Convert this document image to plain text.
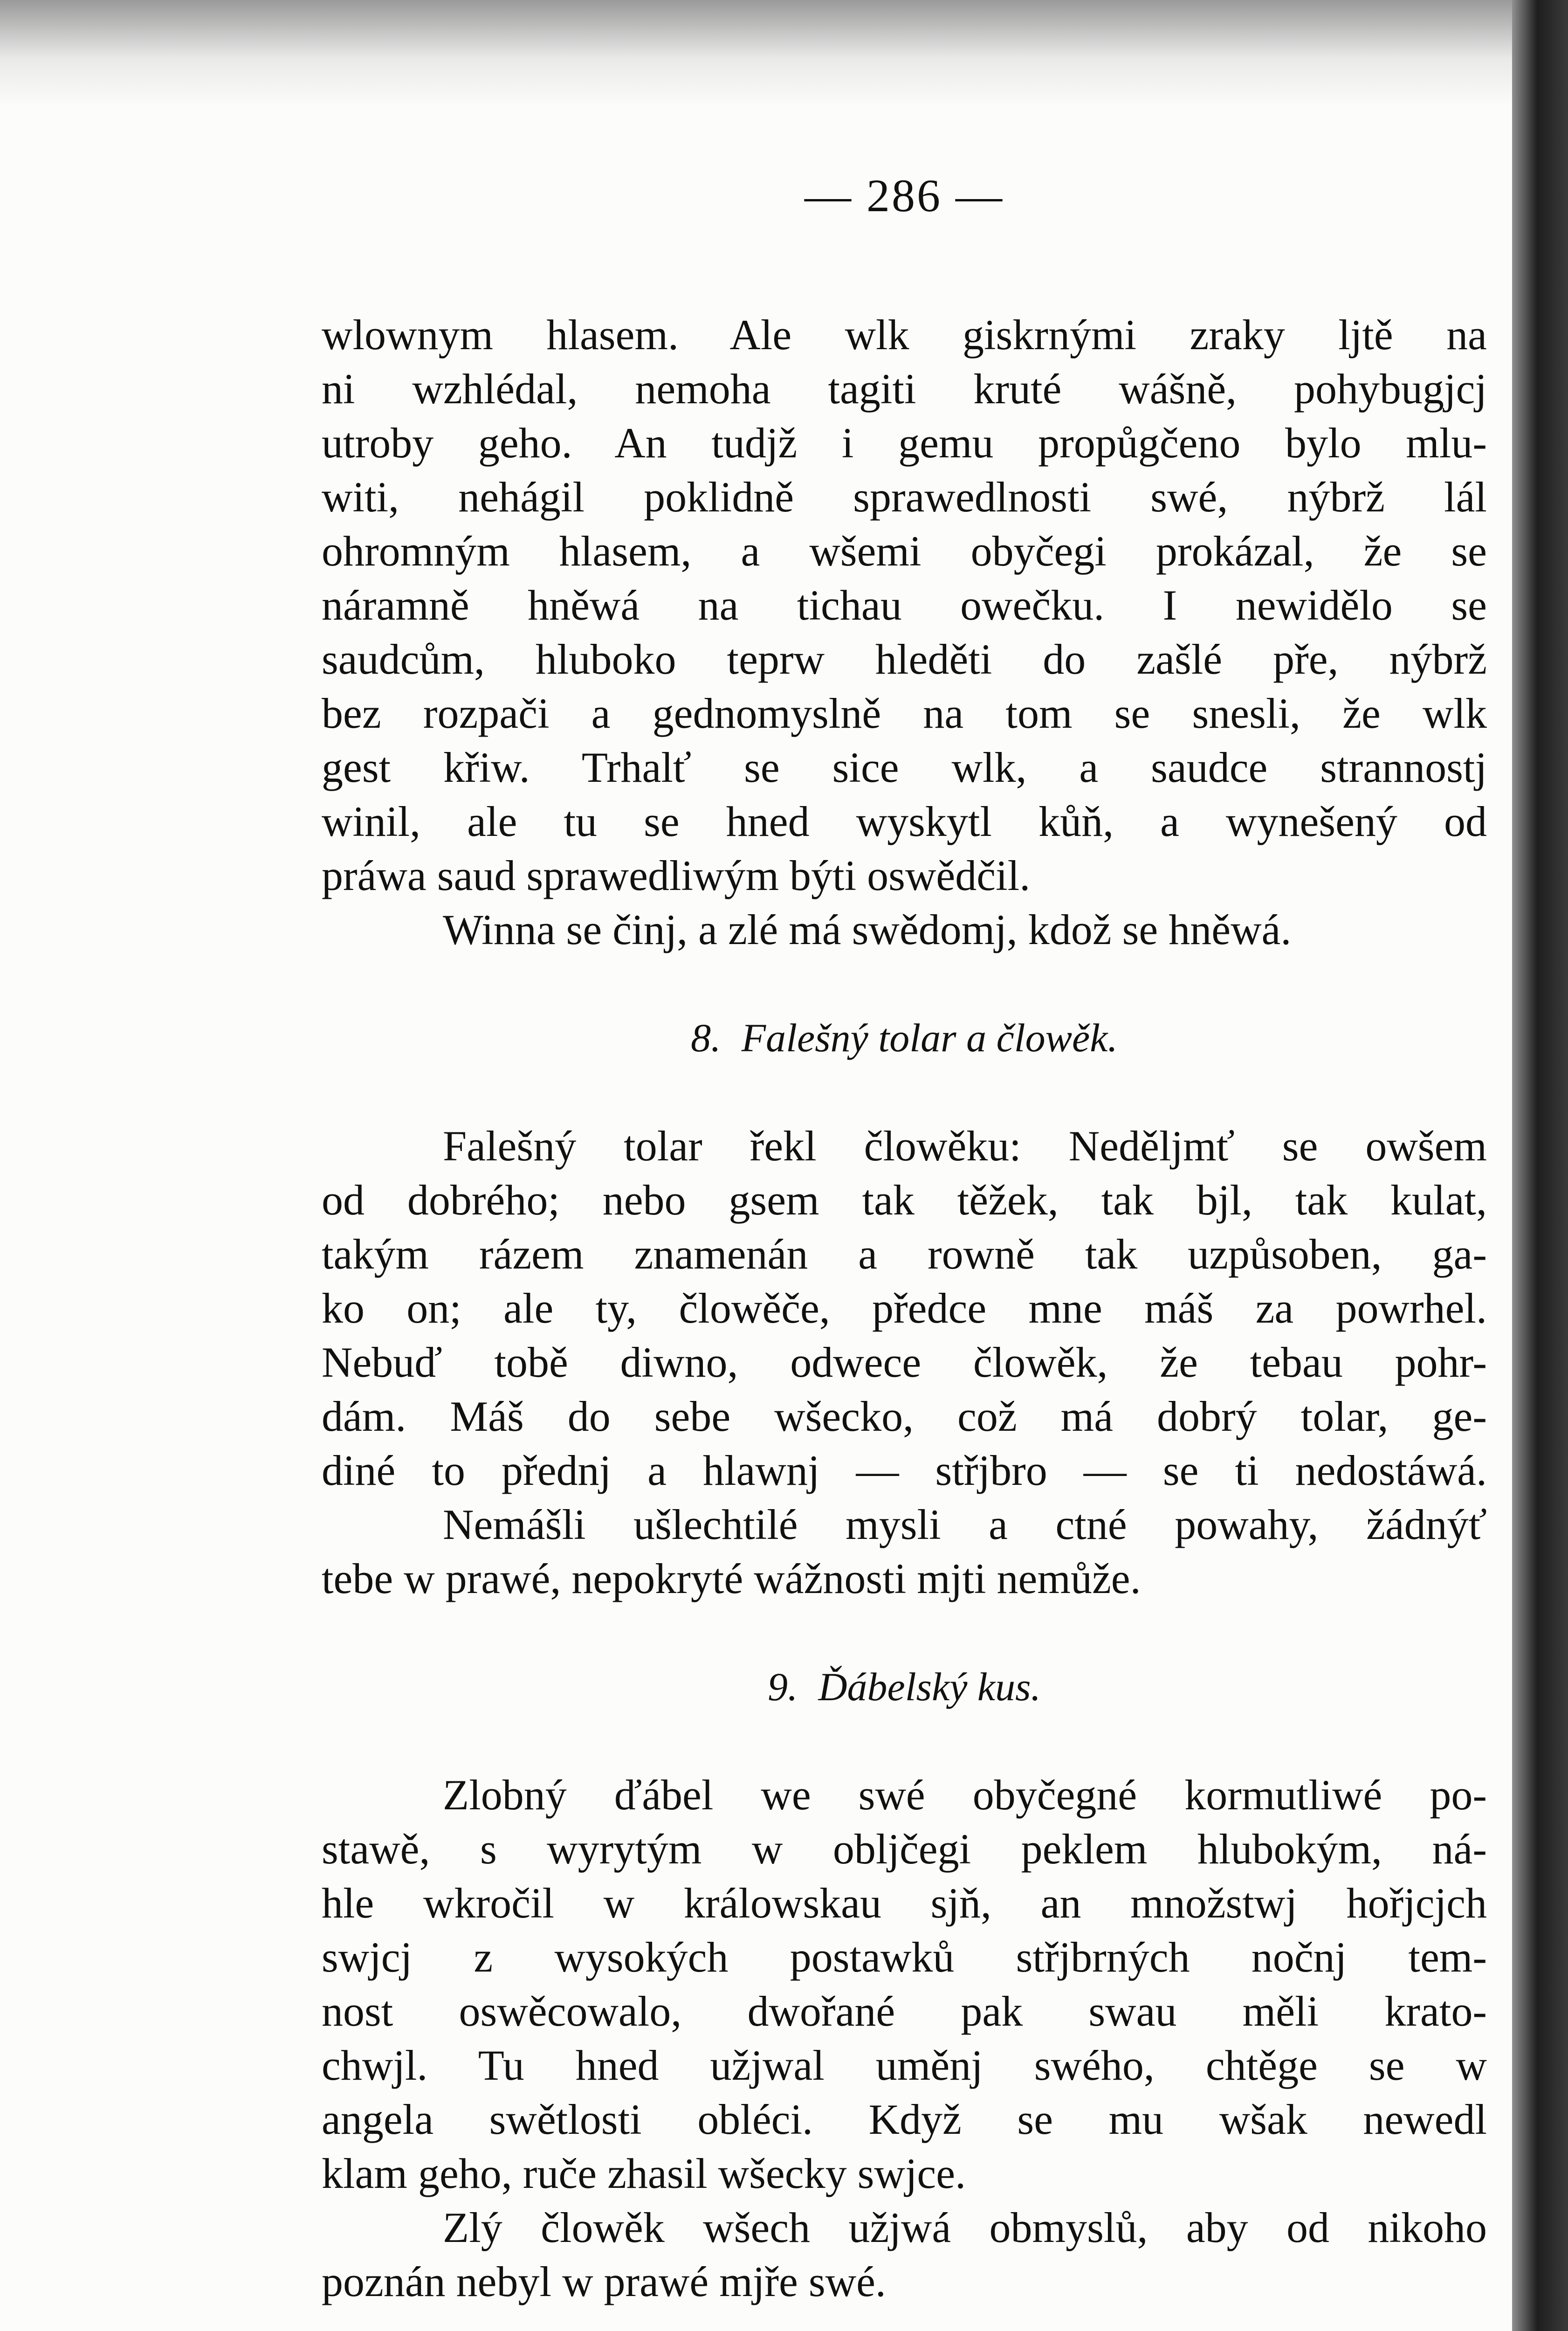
— 286 —
wlownym hlasem. Ale wlk giskrnými zraky ljtě na
ni wzhlédal, nemoha tagiti kruté wášně, pohybugjcj
utroby geho. An tudjž i gemu propůgčeno bylo mlu-
witi, nehágil poklidně sprawedlnosti swé, nýbrž lál
ohromným hlasem, a wšemi obyčegi prokázal, že se
náramně hněwá na tichau owečku. I newidělo se
saudcům, hluboko teprw hleděti do zašlé pře, nýbrž
bez rozpači a gednomyslně na tom se snesli, že wlk
gest křiw. Trhalť se sice wlk, a saudce strannostj
winil, ale tu se hned wyskytl kůň, a wynešený od
práwa saud sprawedliwým býti oswědčil.
Winna se činj, a zlé má swědomj, kdož se hněwá.
8. Falešný tolar a člowěk.
Falešný tolar řekl člowěku: Neděljmť se owšem
od dobrého; nebo gsem tak těžek, tak bjl, tak kulat,
takým rázem znamenán a rowně tak uzpůsoben, ga-
ko on; ale ty, člowěče, předce mne máš za powrhel.
Nebuď tobě diwno, odwece člowěk, že tebau pohr-
dám. Máš do sebe wšecko, což má dobrý tolar, ge-
diné to přednj a hlawnj — střjbro — se ti nedostáwá.
Nemášli ušlechtilé mysli a ctné powahy, žádnýť
tebe w prawé, nepokryté wážnosti mjti nemůže.
9. Ďábelský kus.
Zlobný ďábel we swé obyčegné kormutliwé po-
stawě, s wyrytým w obljčegi peklem hlubokým, ná-
hle wkročil w králowskau sjň, an množstwj hořjcjch
swjcj z wysokých postawků střjbrných nočnj tem-
nost oswěcowalo, dwořané pak swau měli krato-
chwjl. Tu hned užjwal uměnj swého, chtěge se w
angela swětlosti obléci. Když se mu wšak newedl
klam geho, ruče zhasil wšecky swjce.
Zlý člowěk wšech užjwá obmyslů, aby od nikoho
poznán nebyl w prawé mjře swé.
